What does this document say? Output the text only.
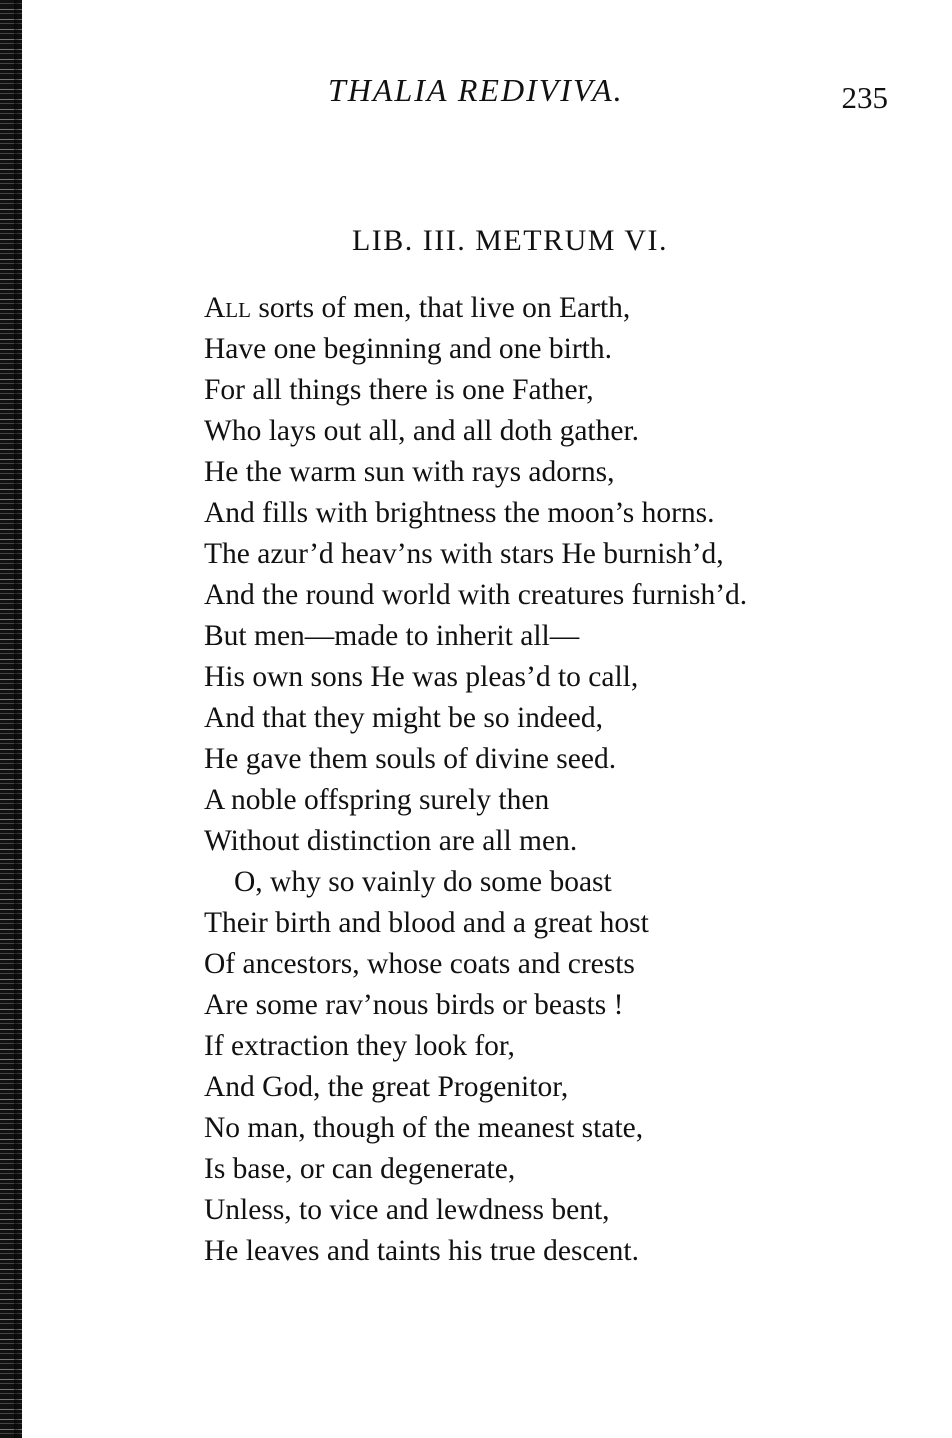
THALIA REDIVIVA.	235
LIB. III. METRUM VI.
All sorts of men, that live on Earth,
Have one beginning and one birth.
For all things there is one Father,
Who lays out all, and all doth gather.
He the warm sun with rays adorns,
And fills with brightness the moon’s horns.
The azur’d heav’ns with stars He burnish’d,
And the round world with creatures furnish’d.
But men—made to inherit all—
His own sons He was pleas’d to call,
And that they might be so indeed,
He gave them souls of divine seed.
A noble offspring surely then
Without distinction are all men.
O, why so vainly do some boast
Their birth and blood and a great host
Of ancestors, whose coats and crests
Are some rav’nous birds or beasts !
If extraction they look for,
And God, the great Progenitor,
No man, though of the meanest state,
Is base, or can degenerate,
Unless, to vice and lewdness bent,
He leaves and taints his true descent.
